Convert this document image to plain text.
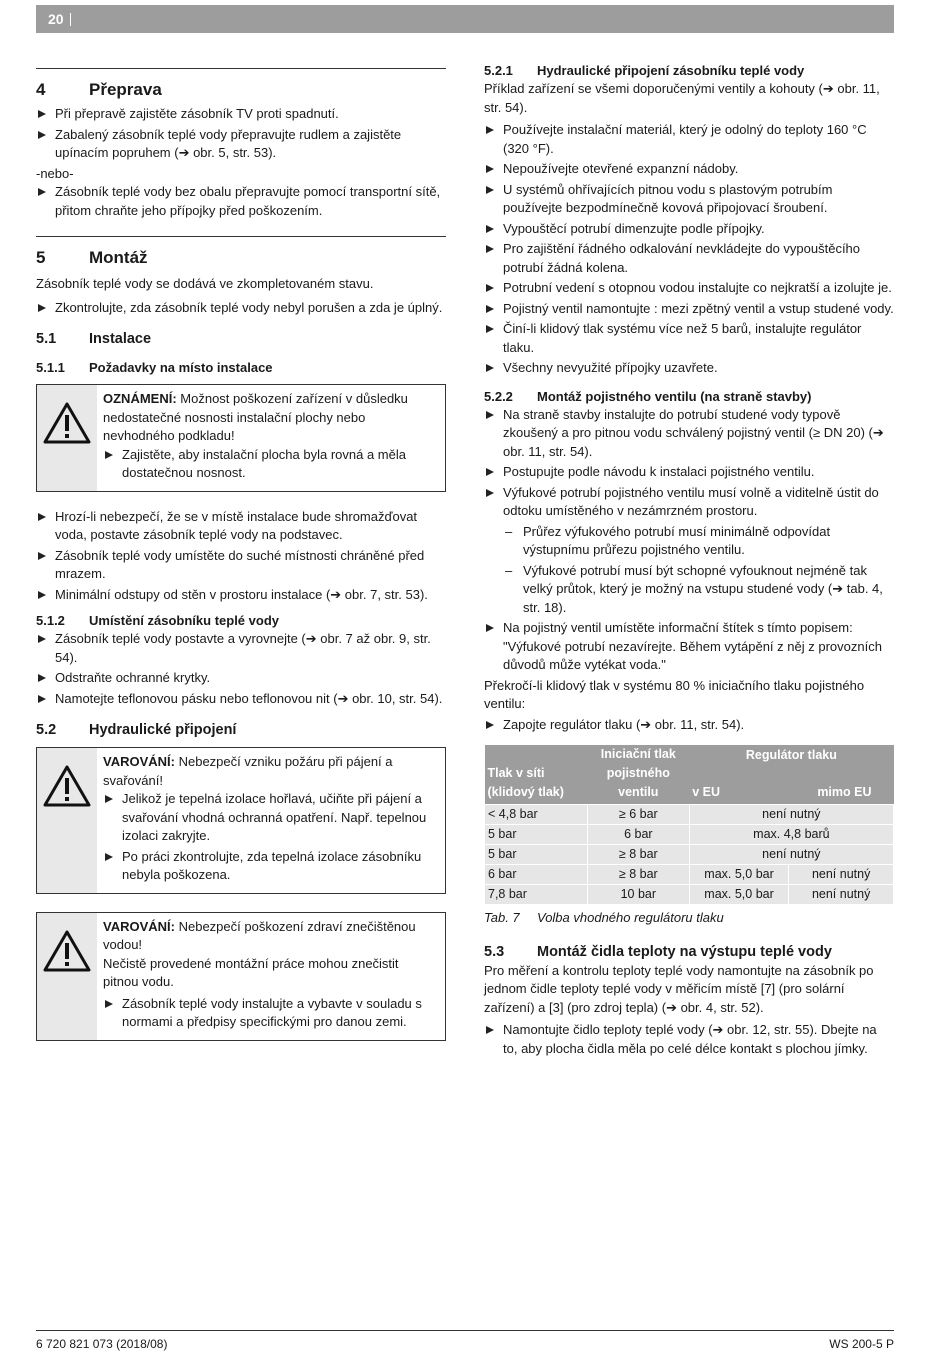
20
4	Přeprava
Při přepravě zajistěte zásobník TV proti spadnutí.
Zabalený zásobník teplé vody přepravujte rudlem a zajistěte upínacím popruhem (➔ obr. 5, str. 53).

-nebo-

Zásobník teplé vody bez obalu přepravujte pomocí transportní sítě, přitom chraňte jeho přípojky před poškozením.
5	Montáž

Zásobník teplé vody se dodává ve zkompletovaném stavu.

Zkontrolujte, zda zásobník teplé vody nebyl porušen a zda je úplný.
5.1	Instalace
5.1.1	Požadavky na místo instalace

OZNÁMENÍ: Možnost poškození zařízení v důsledku nedostatečné nosnosti instalační plochy nebo nevhodného podkladu!

Zajistěte, aby instalační plocha byla rovná a měla dostatečnou nosnost.
Hrozí-li nebezpečí, že se v místě instalace bude shromažďovat voda, postavte zásobník teplé vody na podstavec.
Zásobník teplé vody umístěte do suché místnosti chráněné před mrazem.
Minimální odstupy od stěn v prostoru instalace (➔ obr. 7, str. 53).
5.1.2	Umístění zásobníku teplé vody
Zásobník teplé vody postavte a vyrovnejte (➔ obr. 7 až obr. 9, str. 54).
Odstraňte ochranné krytky.
Namotejte teflonovou pásku nebo teflonovou nit (➔ obr. 10, str. 54).
5.2	Hydraulické připojení

VAROVÁNÍ: Nebezpečí vzniku požáru při pájení a svařování!

Jelikož je tepelná izolace hořlavá, učiňte při pájení a svařování vhodná ochranná opatření. Např. tepelnou izolaci zakryjte.
Po práci zkontrolujte, zda tepelná izolace zásobníku nebyla poškozena.

VAROVÁNÍ: Nebezpečí poškození zdraví znečištěnou vodou!

Nečistě provedené montážní práce mohou znečistit pitnou vodu.

Zásobník teplé vody instalujte a vybavte v souladu s normami a předpisy specifickými pro danou zemi.
5.2.1	Hydraulické připojení zásobníku teplé vody

Příklad zařízení se všemi doporučenými ventily a kohouty (➔ obr. 11, str. 54).

Používejte instalační materiál, který je odolný do teploty 160 °C (320 °F).
Nepoužívejte otevřené expanzní nádoby.
U systémů ohřívajících pitnou vodu s plastovým potrubím používejte bezpodmínečně kovová připojovací šroubení.
Vypouštěcí potrubí dimenzujte podle přípojky.
Pro zajištění řádného odkalování nevkládejte do vypouštěcího potrubí žádná kolena.
Potrubní vedení s otopnou vodou instalujte co nejkratší a izolujte je.
Pojistný ventil namontujte : mezi zpětný ventil a vstup studené vody.
Činí-li klidový tlak systému více než 5 barů, instalujte regulátor tlaku.
Všechny nevyužité přípojky uzavřete.
5.2.2	Montáž pojistného ventilu (na straně stavby)
Na straně stavby instalujte do potrubí studené vody typově zkoušený a pro pitnou vodu schválený pojistný ventil (≥ DN 20) (➔ obr. 11, str. 54).
Postupujte podle návodu k instalaci pojistného ventilu.
Výfukové potrubí pojistného ventilu musí volně a viditelně ústit do odtoku umístěného v nezámrzném prostoru.
– Průřez výfukového potrubí musí minimálně odpovídat výstupnímu průřezu pojistného ventilu.
– Výfukové potrubí musí být schopné vyfouknout nejméně tak velký průtok, který je možný na vstupu studené vody (➔ tab. 4, str. 18).
Na pojistný ventil umístěte informační štítek s tímto popisem: "Výfukové potrubí nezavírejte. Během vytápění z něj z provozních důvodů může vytékat voda."

Překročí-li klidový tlak v systému 80 % iniciačního tlaku pojistného ventilu:

Zapojte regulátor tlaku (➔ obr. 11, str. 54).
Tlak v síti (klidový tlak)	Iniciační tlak pojistného ventilu	Regulátor tlaku	
		v EU	mimo EU
< 4,8 bar	≥ 6 bar	není nutný	
5 bar	6 bar	max. 4,8 barů	
5 bar	≥ 8 bar	není nutný	
6 bar	≥ 8 bar	max. 5,0 bar	není nutný
7,8 bar	10 bar	max. 5,0 bar	není nutný

Tab. 7 Volba vhodného regulátoru tlaku

5.3	Montáž čidla teploty na výstupu teplé vody

Pro měření a kontrolu teploty teplé vody namontujte na zásobník po jednom čidle teploty teplé vody v měřicím místě [7] (pro solární zařízení) a [3] (pro zdroj tepla) (➔ obr. 4, str. 52).

Namontujte čidlo teploty teplé vody (➔ obr. 12, str. 55). Dbejte na to, aby plocha čidla měla po celé délce kontakt s plochou jímky.
6 720 821 073 (2018/08)	WS 200-5 P
